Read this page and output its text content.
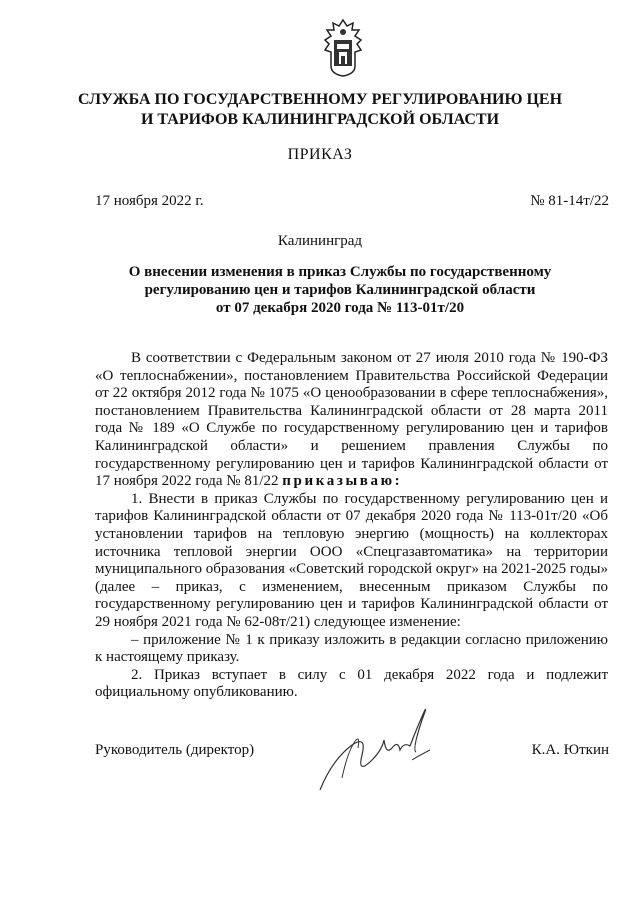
СЛУЖБА ПО ГОСУДАРСТВЕННОМУ РЕГУЛИРОВАНИЮ ЦЕН
И ТАРИФОВ КАЛИНИНГРАДСКОЙ ОБЛАСТИ
ПРИКАЗ
17 ноября 2022 г.	№ 81-14т/22
Калининград
О внесении изменения в приказ Службы по государственному
регулированию цен и тарифов Калининградской области
от 07 декабря 2020 года № 113-01т/20

В соответствии с Федеральным законом от 27 июля 2010 года № 190-ФЗ «О теплоснабжении», постановлением Правительства Российской Федерации от 22 октября 2012 года № 1075 «О ценообразовании в сфере теплоснабжения», постановлением Правительства Калининградской области от 28 марта 2011 года № 189 «О Службе по государственному регулированию цен и тарифов Калининградской области» и решением правления Службы по государственному регулированию цен и тарифов Калининградской области от 17 ноября 2022 года № 81/22 приказываю:

1. Внести в приказ Службы по государственному регулированию цен и тарифов Калининградской области от 07 декабря 2020 года № 113-01т/20 «Об установлении тарифов на тепловую энергию (мощность) на коллекторах источника тепловой энергии ООО «Спецгазавтоматика» на территории муниципального образования «Советский городской округ» на 2021-2025 годы» (далее – приказ, с изменением, внесенным приказом Службы по государственному регулированию цен и тарифов Калининградской области от 29 ноября 2021 года № 62-08т/21) следующее изменение:

– приложение № 1 к приказу изложить в редакции согласно приложению к настоящему приказу.

2. Приказ вступает в силу с 01 декабря 2022 года и подлежит официальному опубликованию.

Руководитель (директор)	К.А. Юткин
